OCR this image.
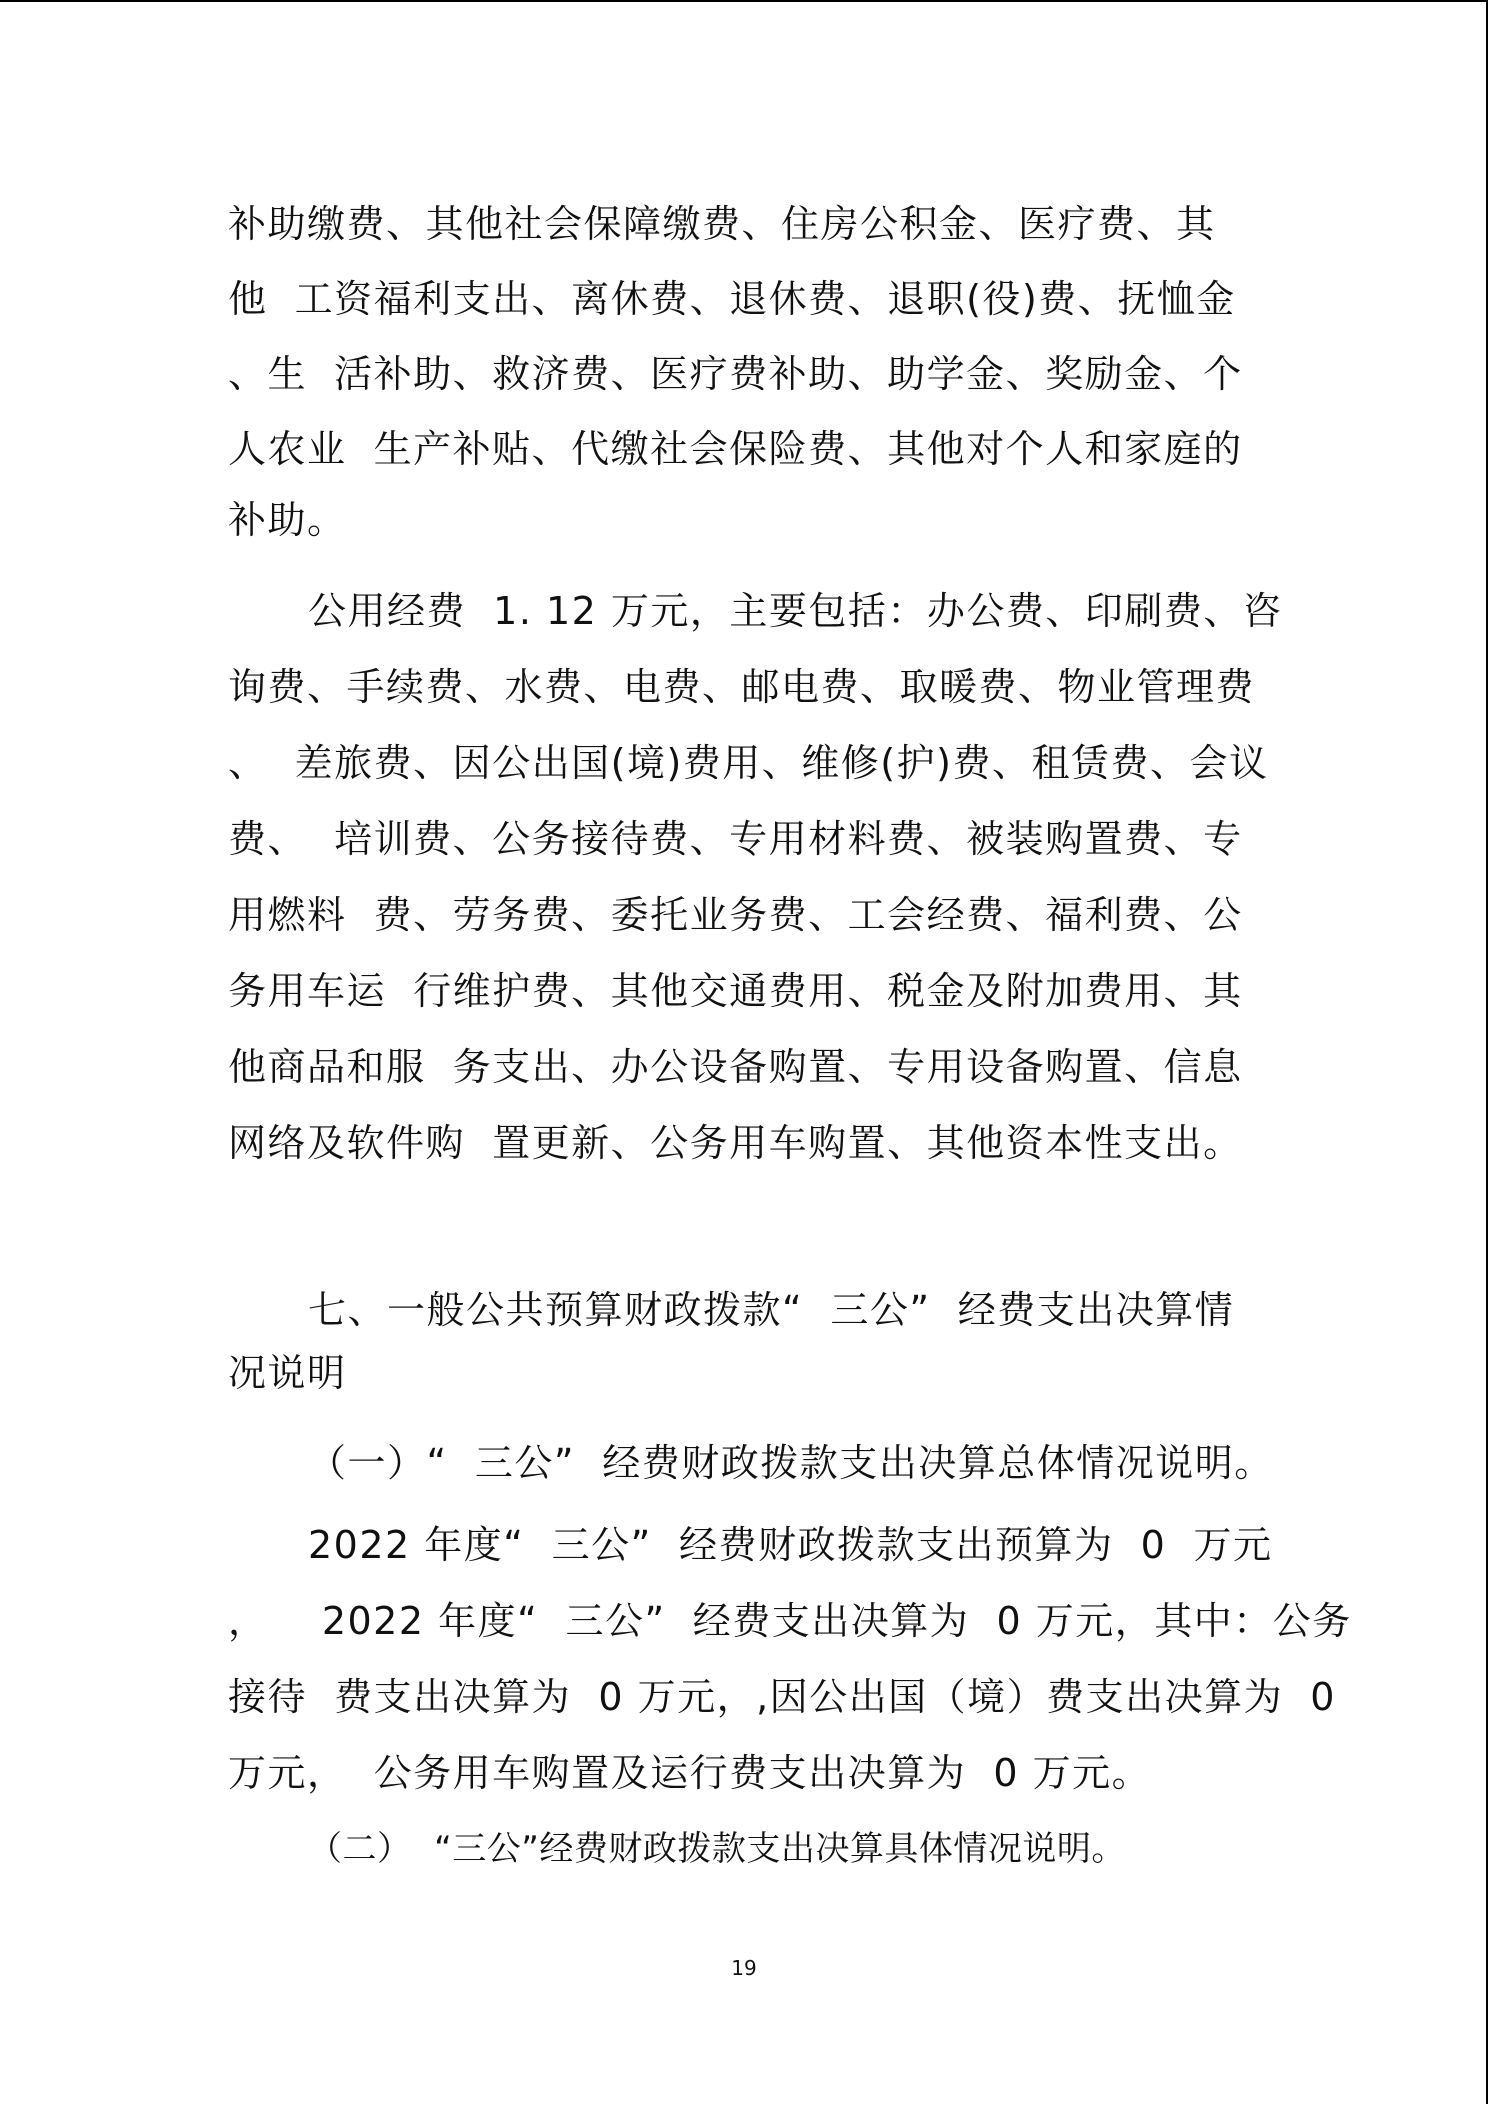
补助缴费、其他社会保障缴费、住房公积金、医疗费、其
他  工资福利支出、离休费、退休费、退职(役)费、抚恤金
、生  活补助、救济费、医疗费补助、助学金、奖励金、个
人农业  生产补贴、代缴社会保险费、其他对个人和家庭的
补助。
公用经费  1. 12 万元，主要包括：办公费、印刷费、咨
询费、手续费、水费、电费、邮电费、取暖费、物业管理费
、  差旅费、因公出国(境)费用、维修(护)费、租赁费、会议
费、  培训费、公务接待费、专用材料费、被装购置费、专
用燃料  费、劳务费、委托业务费、工会经费、福利费、公
务用车运  行维护费、其他交通费用、税金及附加费用、其
他商品和服  务支出、办公设备购置、专用设备购置、信息
网络及软件购  置更新、公务用车购置、其他资本性支出。
七、一般公共预算财政拨款“  三公”  经费支出决算情
况说明
（一）“  三公”  经费财政拨款支出决算总体情况说明。
2022 年度“  三公”  经费财政拨款支出预算为  0  万元
，    2022 年度“  三公”  经费支出决算为  0 万元，其中：公务
接待  费支出决算为  0 万元，,因公出国（境）费支出决算为  0
万元，  公务用车购置及运行费支出决算为  0 万元。
（二）  “三公”经费财政拨款支出决算具体情况说明。
19
